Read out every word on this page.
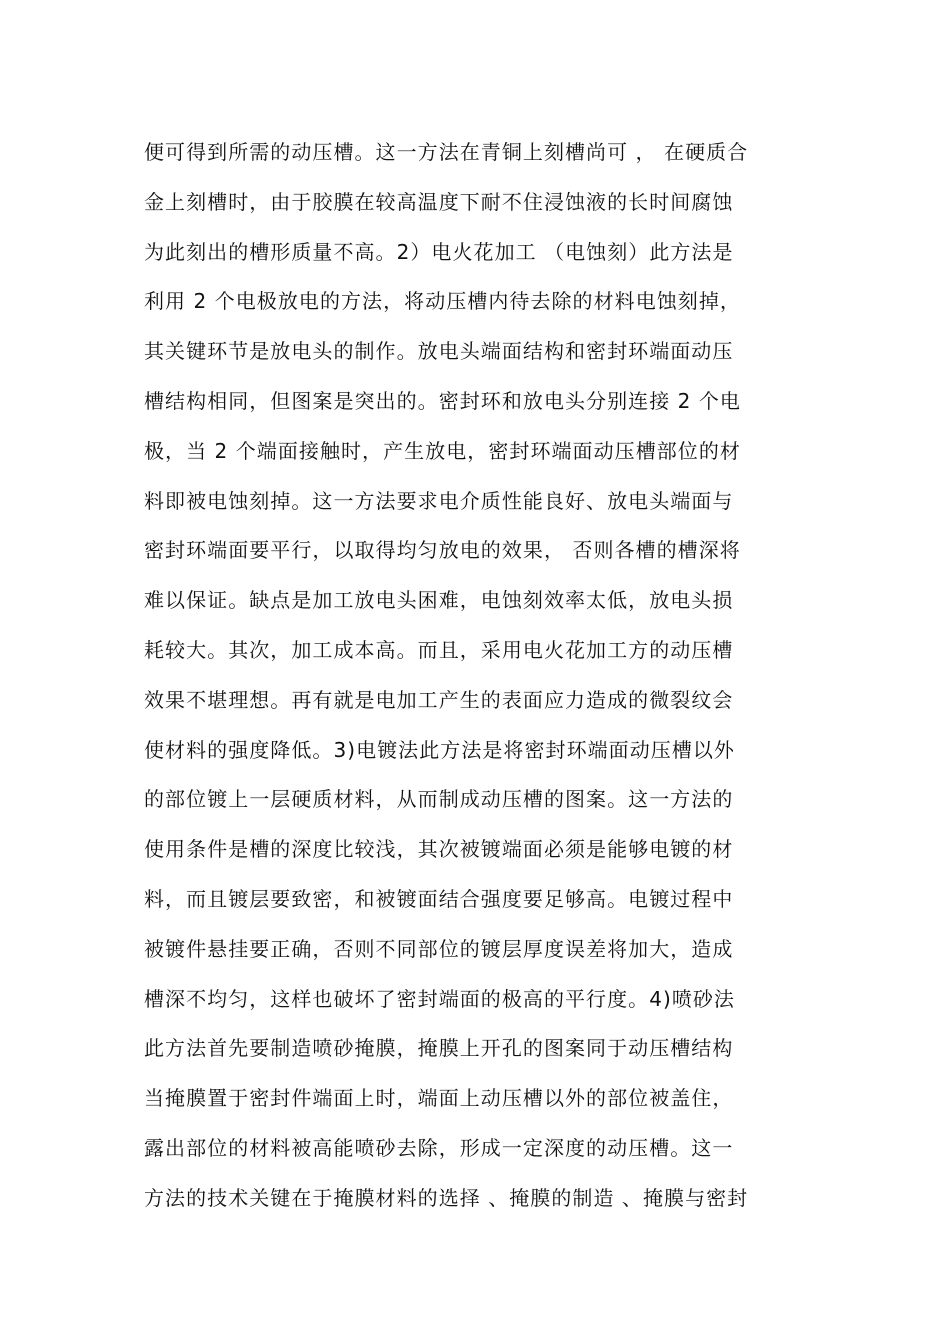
便可得到所需的动压槽。这一方法在青铜上刻槽尚可 ， 在硬质合
金上刻槽时，由于胶膜在较高温度下耐不住浸蚀液的长时间腐蚀
为此刻出的槽形质量不高。2）电火花加工 （电蚀刻）此方法是
利用 2 个电极放电的方法，将动压槽内待去除的材料电蚀刻掉，
其关键环节是放电头的制作。放电头端面结构和密封环端面动压
槽结构相同，但图案是突出的。密封环和放电头分别连接 2 个电
极，当 2 个端面接触时，产生放电，密封环端面动压槽部位的材
料即被电蚀刻掉。这一方法要求电介质性能良好、放电头端面与
密封环端面要平行，以取得均匀放电的效果， 否则各槽的槽深将
难以保证。缺点是加工放电头困难，电蚀刻效率太低，放电头损
耗较大。其次，加工成本高。而且，采用电火花加工方的动压槽
效果不堪理想。再有就是电加工产生的表面应力造成的微裂纹会
使材料的强度降低。3)电镀法此方法是将密封环端面动压槽以外
的部位镀上一层硬质材料，从而制成动压槽的图案。这一方法的
使用条件是槽的深度比较浅，其次被镀端面必须是能够电镀的材
料，而且镀层要致密，和被镀面结合强度要足够高。电镀过程中
被镀件悬挂要正确，否则不同部位的镀层厚度误差将加大，造成
槽深不均匀，这样也破坏了密封端面的极高的平行度。4)喷砂法
此方法首先要制造喷砂掩膜，掩膜上开孔的图案同于动压槽结构
当掩膜置于密封件端面上时，端面上动压槽以外的部位被盖住，
露出部位的材料被高能喷砂去除，形成一定深度的动压槽。这一
方法的技术关键在于掩膜材料的选择 、掩膜的制造 、掩膜与密封
